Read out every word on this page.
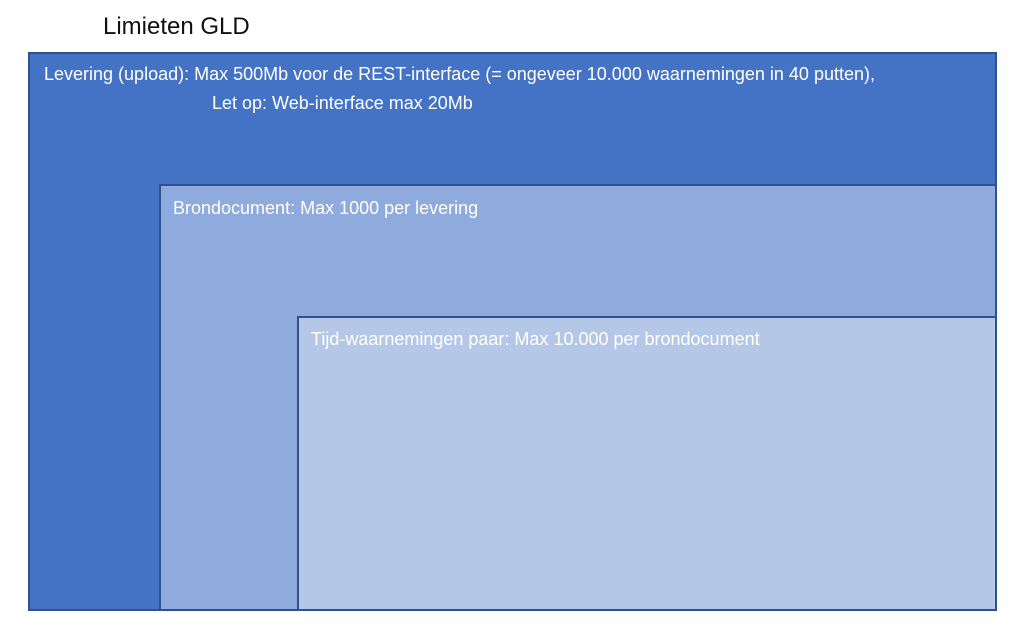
Limieten GLD
Levering (upload): Max 500Mb voor de REST-interface (= ongeveer 10.000 waarnemingen in 40 putten),
Let op: Web-interface max 20Mb
Brondocument: Max 1000 per levering
Tijd-waarnemingen paar: Max 10.000 per brondocument
